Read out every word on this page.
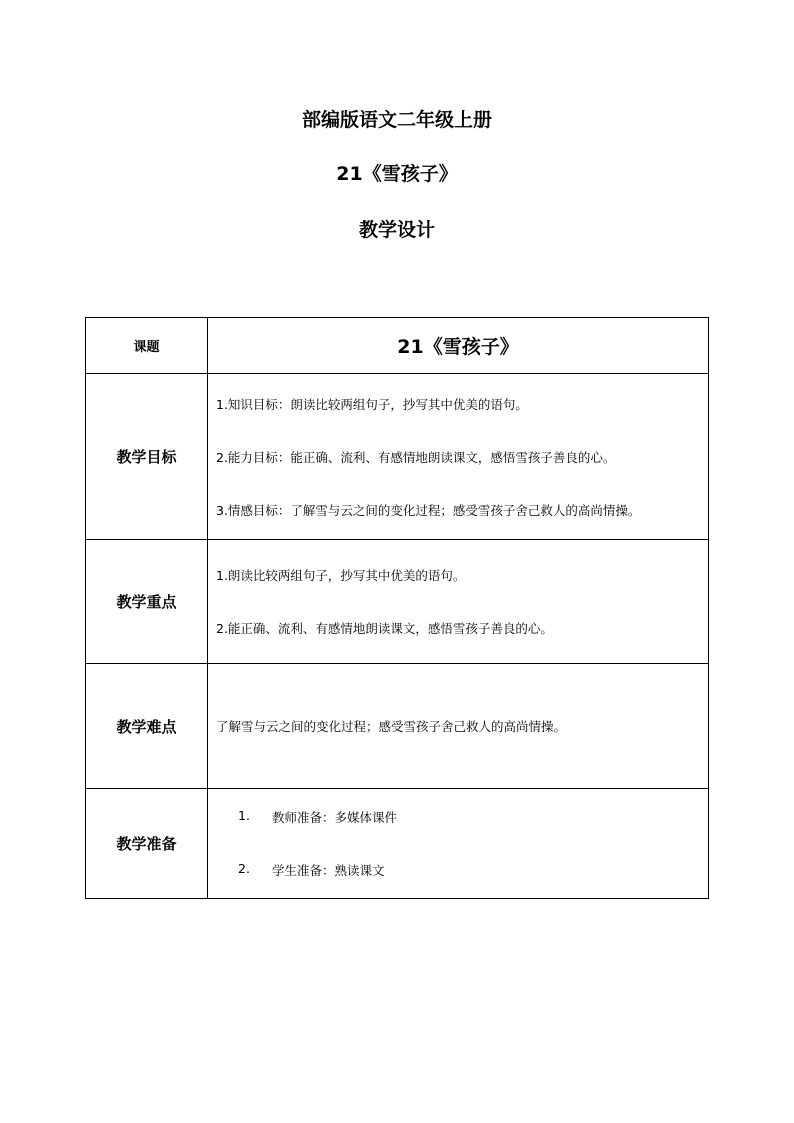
部编版语文二年级上册
21《雪孩子》
教学设计
课题	21《雪孩子》
教学目标	1.知识目标：朗读比较两组句子，抄写其中优美的语句。
2.能力目标：能正确、流利、有感情地朗读课文，感悟雪孩子善良的心。
3.情感目标：了解雪与云之间的变化过程；感受雪孩子舍己救人的高尚情操。

教学重点	1.朗读比较两组句子，抄写其中优美的语句。
2.能正确、流利、有感情地朗读课文，感悟雪孩子善良的心。

教学难点	了解雪与云之间的变化过程；感受雪孩子舍己救人的高尚情操。

教学准备	1. 教师准备：多媒体课件
2. 学生准备：熟读课文
